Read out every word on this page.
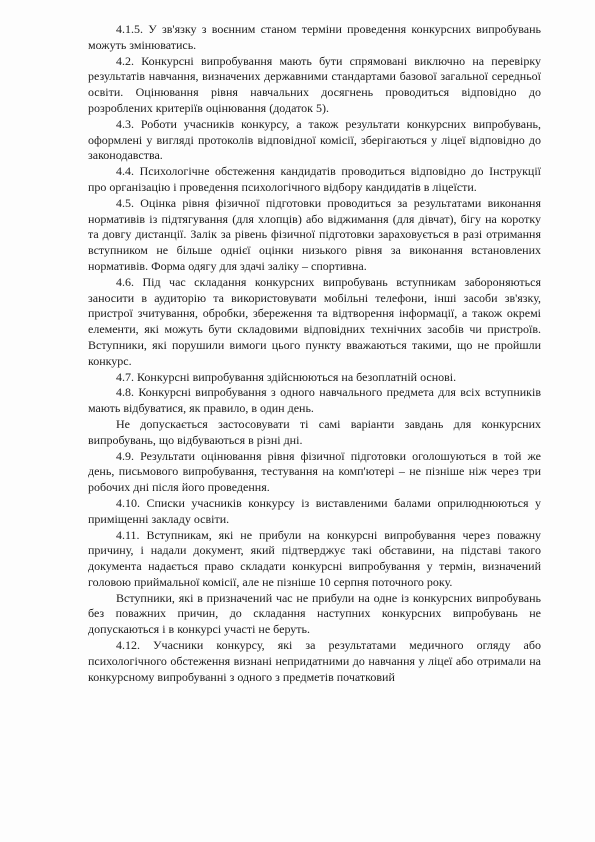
4.1.5. У зв'язку з воєнним станом терміни проведення конкурсних випробувань можуть змінюватись.

4.2. Конкурсні випробування мають бути спрямовані виключно на перевірку результатів навчання, визначених державними стандартами базової загальної середньої освіти. Оцінювання рівня навчальних досягнень проводиться відповідно до розроблених критеріїв оцінювання (додаток 5).

4.3. Роботи учасників конкурсу, а також результати конкурсних випробувань, оформлені у вигляді протоколів відповідної комісії, зберігаються у ліцеї відповідно до законодавства.

4.4. Психологічне обстеження кандидатів проводиться відповідно до Інструкції про організацію і проведення психологічного відбору кандидатів в ліцеїсти.

4.5. Оцінка рівня фізичної підготовки проводиться за результатами виконання нормативів із підтягування (для хлопців) або віджимання (для дівчат), бігу на коротку та довгу дистанції. Залік за рівень фізичної підготовки зараховується в разі отримання вступником не більше однієї оцінки низького рівня за виконання встановлених нормативів. Форма одягу для здачі заліку – спортивна.

4.6. Під час складання конкурсних випробувань вступникам забороняються заносити в аудиторію та використовувати мобільні телефони, інші засоби зв'язку, пристрої зчитування, обробки, збереження та відтворення інформації, а також окремі елементи, які можуть бути складовими відповідних технічних засобів чи пристроїв. Вступники, які порушили вимоги цього пункту вважаються такими, що не пройшли конкурс.

4.7. Конкурсні випробування здійснюються на безоплатній основі.

4.8. Конкурсні випробування з одного навчального предмета для всіх вступників мають відбуватися, як правило, в один день.

Не допускається застосовувати ті самі варіанти завдань для конкурсних випробувань, що відбуваються в різні дні.

4.9. Результати оцінювання рівня фізичної підготовки оголошуються в той же день, письмового випробування, тестування на комп'ютері – не пізніше ніж через три робочих дні після його проведення.

4.10. Списки учасників конкурсу із виставленими балами оприлюднюються у приміщенні закладу освіти.

4.11. Вступникам, які не прибули на конкурсні випробування через поважну причину, і надали документ, який підтверджує такі обставини, на підставі такого документа надається право складати конкурсні випробування у термін, визначений головою приймальної комісії, але не пізніше 10 серпня поточного року.

Вступники, які в призначений час не прибули на одне із конкурсних випробувань без поважних причин, до складання наступних конкурсних випробувань не допускаються і в конкурсі участі не беруть.

4.12. Учасники конкурсу, які за результатами медичного огляду або психологічного обстеження визнані непридатними до навчання у ліцеї або отримали на конкурсному випробуванні з одного з предметів початковий
